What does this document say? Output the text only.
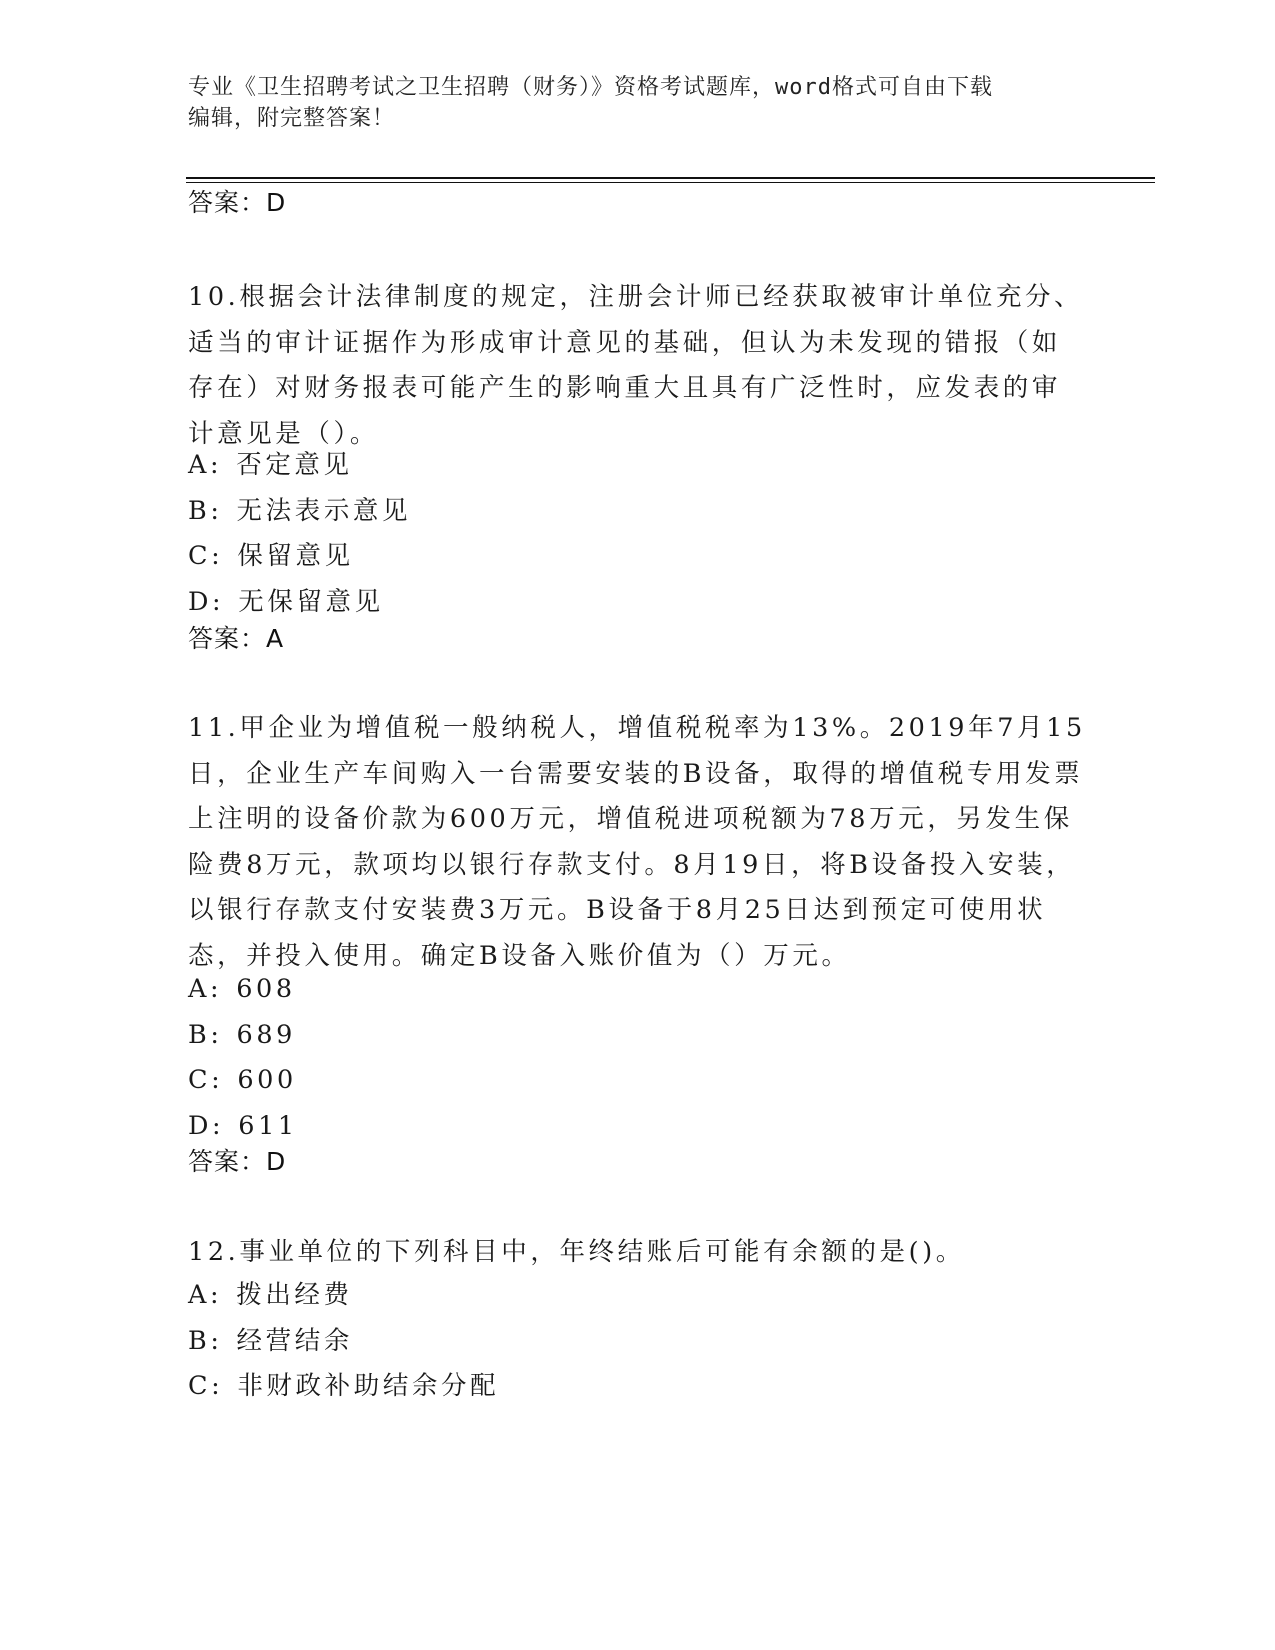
专业《卫生招聘考试之卫生招聘（财务）》资格考试题库，word格式可自由下载
编辑，附完整答案！

答案：D

10.根据会计法律制度的规定，注册会计师已经获取被审计单位充分、适当的审计证据作为形成审计意见的基础，但认为未发现的错报（如存在）对财务报表可能产生的影响重大且具有广泛性时，应发表的审计意见是（）。

A: 否定意见

B: 无法表示意见

C: 保留意见

D: 无保留意见

答案：A

11.甲企业为增值税一般纳税人，增值税税率为13%。2019年7月15日，企业生产车间购入一台需要安装的B设备，取得的增值税专用发票上注明的设备价款为600万元，增值税进项税额为78万元，另发生保险费8万元，款项均以银行存款支付。8月19日，将B设备投入安装，以银行存款支付安装费3万元。B设备于8月25日达到预定可使用状态，并投入使用。确定B设备入账价值为（）万元。

A: 608

B: 689

C: 600

D: 611

答案：D

12.事业单位的下列科目中，年终结账后可能有余额的是()。

A: 拨出经费

B: 经营结余

C: 非财政补助结余分配
